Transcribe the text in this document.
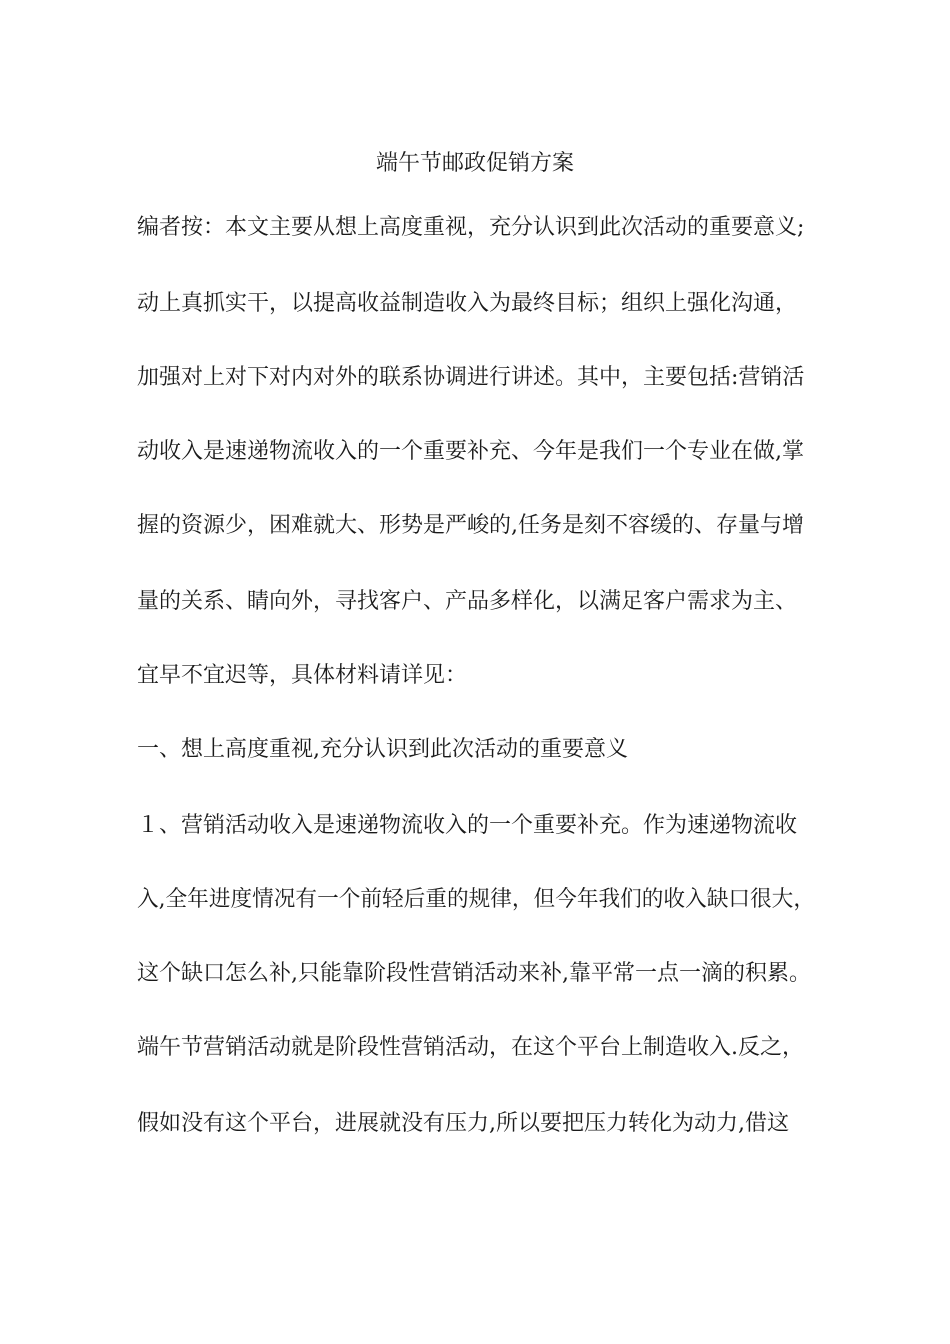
端午节邮政促销方案
编者按：本文主要从想上高度重视，充分认识到此次活动的重要意义;
动上真抓实干，以提高收益制造收入为最终目标；组织上强化沟通，
加强对上对下对内对外的联系协调进行讲述。其中，主要包括:营销活
动收入是速递物流收入的一个重要补充、今年是我们一个专业在做,掌
握的资源少，困难就大、形势是严峻的,任务是刻不容缓的、存量与增
量的关系、睛向外，寻找客户、产品多样化，以满足客户需求为主、
宜早不宜迟等，具体材料请详见：
一、想上高度重视,充分认识到此次活动的重要意义
１、营销活动收入是速递物流收入的一个重要补充。作为速递物流收
入,全年进度情况有一个前轻后重的规律，但今年我们的收入缺口很大，
这个缺口怎么补,只能靠阶段性营销活动来补,靠平常一点一滴的积累。
端午节营销活动就是阶段性营销活动，在这个平台上制造收入.反之，
假如没有这个平台，进展就没有压力,所以要把压力转化为动力,借这
